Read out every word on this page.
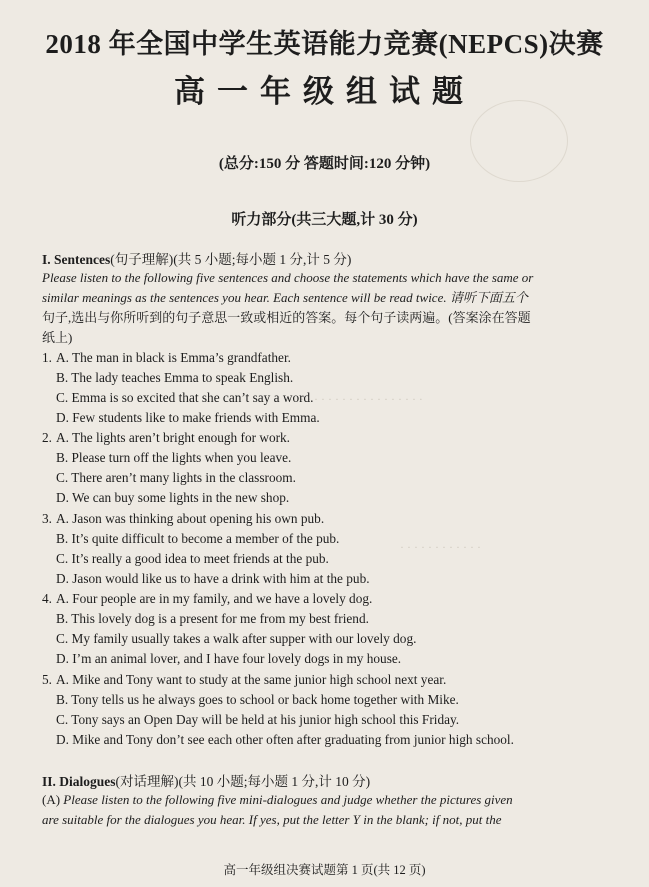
· · · · · · · · · · · · · · · · · ·
· · · · · · · · · · · ·
2018 年全国中学生英语能力竞赛(NEPCS)决赛
高一年级组试题
(总分:150 分 答题时间:120 分钟)
听力部分(共三大题,计 30 分)
I. Sentences(句子理解)(共 5 小题;每小题 1 分,计 5 分)
Please listen to the following five sentences and choose the statements which have the same or
similar meanings as the sentences you hear. Each sentence will be read twice. 请听下面五个
句子,选出与你所听到的句子意思一致或相近的答案。每个句子读两遍。(答案涂在答题
纸上)
1. A. The man in black is Emma’s grandfather.
B. The lady teaches Emma to speak English.
C. Emma is so excited that she can’t say a word.
D. Few students like to make friends with Emma.
2. A. The lights aren’t bright enough for work.
B. Please turn off the lights when you leave.
C. There aren’t many lights in the classroom.
D. We can buy some lights in the new shop.
3. A. Jason was thinking about opening his own pub.
B. It’s quite difficult to become a member of the pub.
C. It’s really a good idea to meet friends at the pub.
D. Jason would like us to have a drink with him at the pub.
4. A. Four people are in my family, and we have a lovely dog.
B. This lovely dog is a present for me from my best friend.
C. My family usually takes a walk after supper with our lovely dog.
D. I’m an animal lover, and I have four lovely dogs in my house.
5. A. Mike and Tony want to study at the same junior high school next year.
B. Tony tells us he always goes to school or back home together with Mike.
C. Tony says an Open Day will be held at his junior high school this Friday.
D. Mike and Tony don’t see each other often after graduating from junior high school.
II. Dialogues(对话理解)(共 10 小题;每小题 1 分,计 10 分)
(A) Please listen to the following five mini-dialogues and judge whether the pictures given
are suitable for the dialogues you hear. If yes, put the letter Y in the blank; if not, put the
高一年级组决赛试题第 1 页(共 12 页)
